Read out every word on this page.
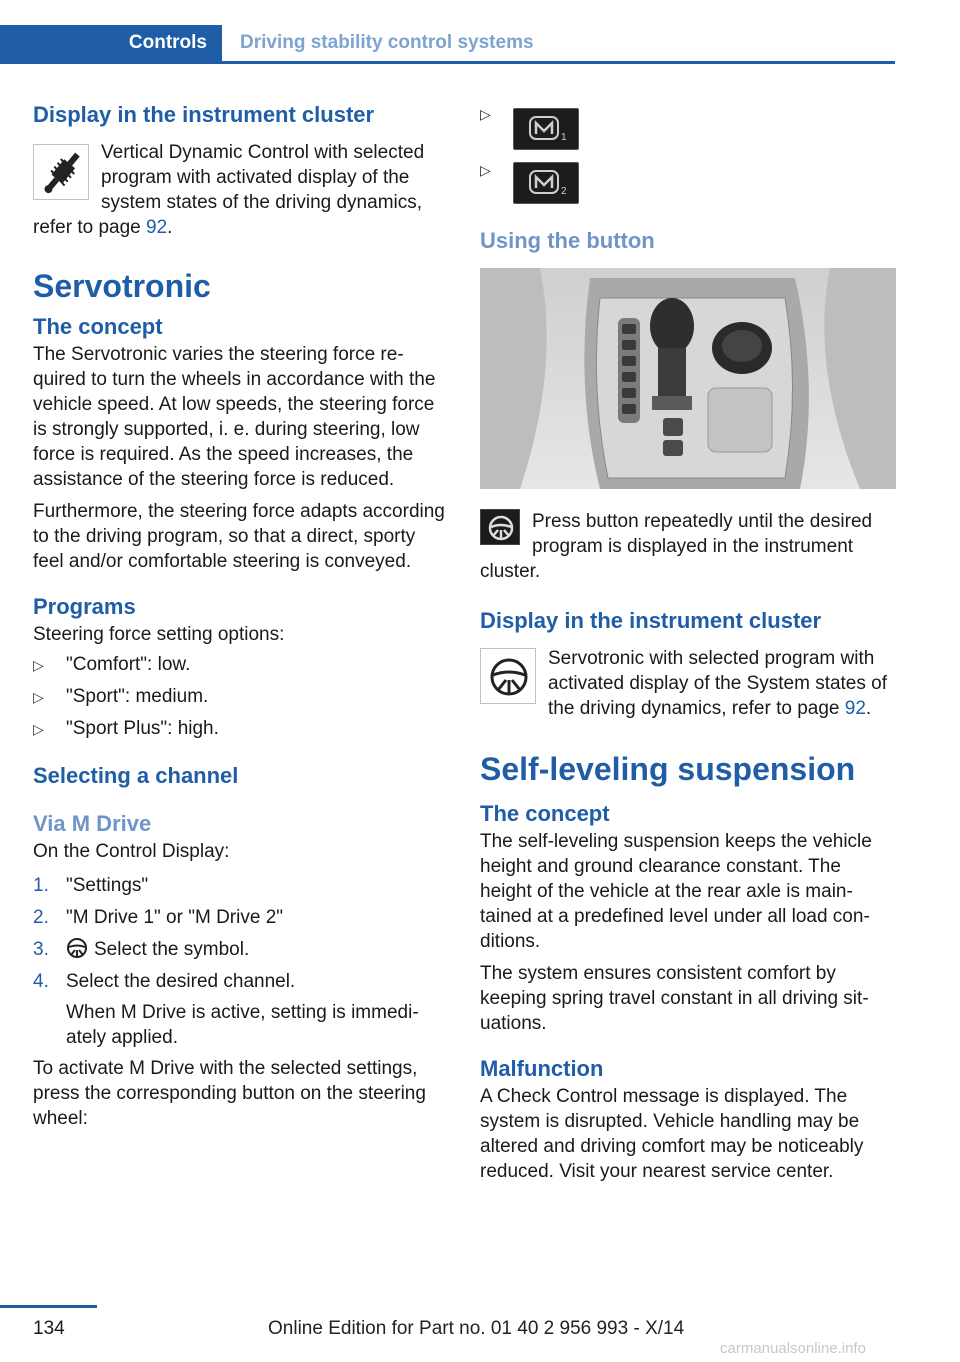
Controls	Driving stability control systems
Display in the instrument cluster

Vertical Dynamic Control with selected program with activated display of the system states of the driving dynamics, refer to page 92.

Servotronic
The concept

The Servotronic varies the steering force required to turn the wheels in accordance with the vehicle speed. At low speeds, the steering force is strongly supported, i. e. during steering, low force is required. As the speed increases, the assistance of the steering force is reduced.

Furthermore, the steering force adapts according to the driving program, so that a direct, sporty feel and/or comfortable steering is conveyed.

Programs

Steering force setting options:

▷ "Comfort": low.
▷ "Sport": medium.
▷ "Sport Plus": high.
Selecting a channel
Via M Drive

On the Control Display:

1. "Settings"
2. "M Drive 1" or "M Drive 2"
3. Select the symbol.
4. Select the desired channel.

When M Drive is active, setting is immediately applied.

To activate M Drive with the selected settings, press the corresponding button on the steering wheel:

▷
1
▷
2
Using the button

Press button repeatedly until the desired program is displayed in the instrument cluster.

Display in the instrument cluster

Servotronic with selected program with activated display of the System states of the driving dynamics, refer to page 92.

Self-leveling suspension
The concept

The self-leveling suspension keeps the vehicle height and ground clearance constant. The height of the vehicle at the rear axle is maintained at a predefined level under all load conditions.

The system ensures consistent comfort by keeping spring travel constant in all driving situations.

Malfunction

A Check Control message is displayed. The system is disrupted. Vehicle handling may be altered and driving comfort may be noticeably reduced. Visit your nearest service center.

134	Online Edition for Part no. 01 40 2 956 993 - X/14
carmanualsonline.info
